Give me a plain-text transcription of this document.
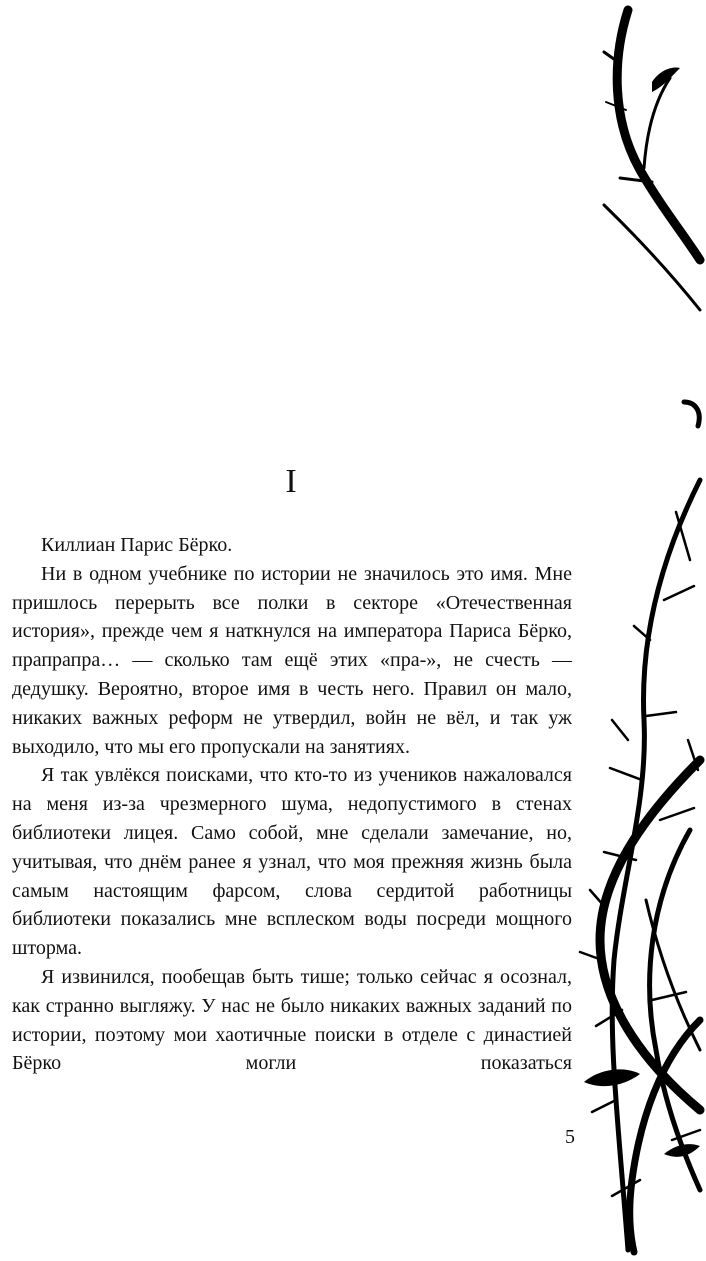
I

Киллиан Парис Бёрко.

Ни в одном учебнике по истории не значилось это имя. Мне пришлось перерыть все полки в секторе «Отечественная история», прежде чем я наткнулся на императора Париса Бёрко, прапрапра… — сколько там ещё этих «пра-», не счесть — дедушку. Вероятно, второе имя в честь него. Правил он мало, никаких важных реформ не утвердил, войн не вёл, и так уж выходило, что мы его пропускали на занятиях.

Я так увлёкся поисками, что кто-то из учеников нажаловался на меня из-за чрезмерного шума, недопустимого в стенах библиотеки лицея. Само собой, мне сделали замечание, но, учитывая, что днём ранее я узнал, что моя прежняя жизнь была самым настоящим фарсом, слова сердитой работницы библиотеки показались мне всплеском воды посреди мощного шторма.

Я извинился, пообещав быть тише; только сейчас я осознал, как странно выгляжу. У нас не было никаких важных заданий по истории, поэтому мои хаотичные поиски в отделе с династией Бёрко могли показаться

5
